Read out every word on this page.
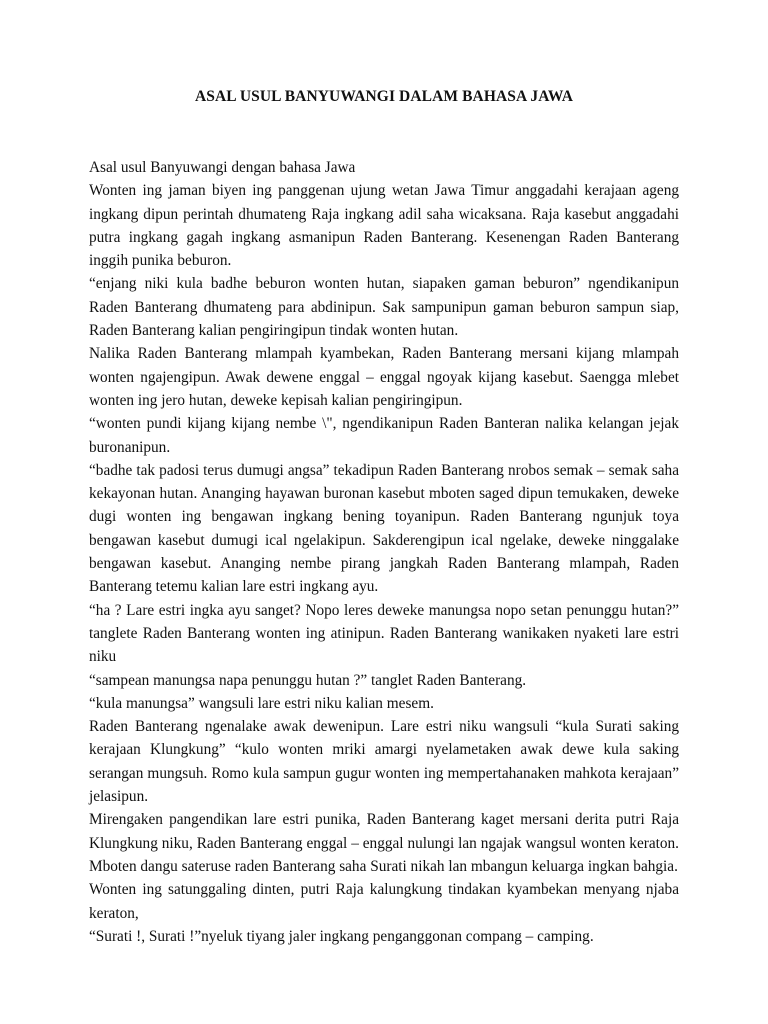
ASAL USUL BANYUWANGI DALAM BAHASA JAWA

Asal usul Banyuwangi dengan bahasa Jawa

Wonten ing jaman biyen ing panggenan ujung wetan Jawa Timur anggadahi kerajaan ageng ingkang dipun perintah dhumateng Raja ingkang adil saha wicaksana. Raja kasebut anggadahi putra ingkang gagah ingkang asmanipun Raden Banterang. Kesenengan Raden Banterang inggih punika beburon.

“enjang niki kula badhe beburon wonten hutan, siapaken gaman beburon” ngendikanipun Raden Banterang dhumateng para abdinipun. Sak sampunipun gaman beburon sampun siap, Raden Banterang kalian pengiringipun tindak wonten hutan.

Nalika Raden Banterang mlampah kyambekan, Raden Banterang mersani kijang mlampah wonten ngajengipun. Awak dewene enggal – enggal ngoyak kijang kasebut. Saengga mlebet wonten ing jero hutan, deweke kepisah kalian pengiringipun.

“wonten pundi kijang kijang nembe \", ngendikanipun Raden Banteran nalika kelangan jejak buronanipun.

“badhe tak padosi terus dumugi angsa” tekadipun Raden Banterang nrobos semak – semak saha kekayonan hutan. Ananging hayawan buronan kasebut mboten saged dipun temukaken, deweke dugi wonten ing bengawan ingkang bening toyanipun. Raden Banterang ngunjuk toya bengawan kasebut dumugi ical ngelakipun. Sakderengipun ical ngelake, deweke ninggalake bengawan kasebut. Ananging nembe pirang jangkah Raden Banterang mlampah, Raden Banterang tetemu kalian lare estri ingkang ayu.

“ha ? Lare estri ingka ayu sanget? Nopo leres deweke manungsa nopo setan penunggu hutan?” tanglete Raden Banterang wonten ing atinipun. Raden Banterang wanikaken nyaketi lare estri niku

“sampean manungsa napa penunggu hutan ?” tanglet Raden Banterang.

“kula manungsa” wangsuli lare estri niku kalian mesem.

Raden Banterang ngenalake awak dewenipun. Lare estri niku wangsuli “kula Surati saking kerajaan Klungkung” “kulo wonten mriki amargi nyelametaken awak dewe kula saking serangan mungsuh. Romo kula sampun gugur wonten ing mempertahanaken mahkota kerajaan” jelasipun.

Mirengaken pangendikan lare estri punika, Raden Banterang kaget mersani derita putri Raja Klungkung niku, Raden Banterang enggal – enggal nulungi lan ngajak wangsul wonten keraton. Mboten dangu sateruse raden Banterang saha Surati nikah lan mbangun keluarga ingkan bahgia.

Wonten ing satunggaling dinten, putri Raja kalungkung tindakan kyambekan menyang njaba keraton,

“Surati !, Surati !”nyeluk tiyang jaler ingkang penganggonan compang – camping.
